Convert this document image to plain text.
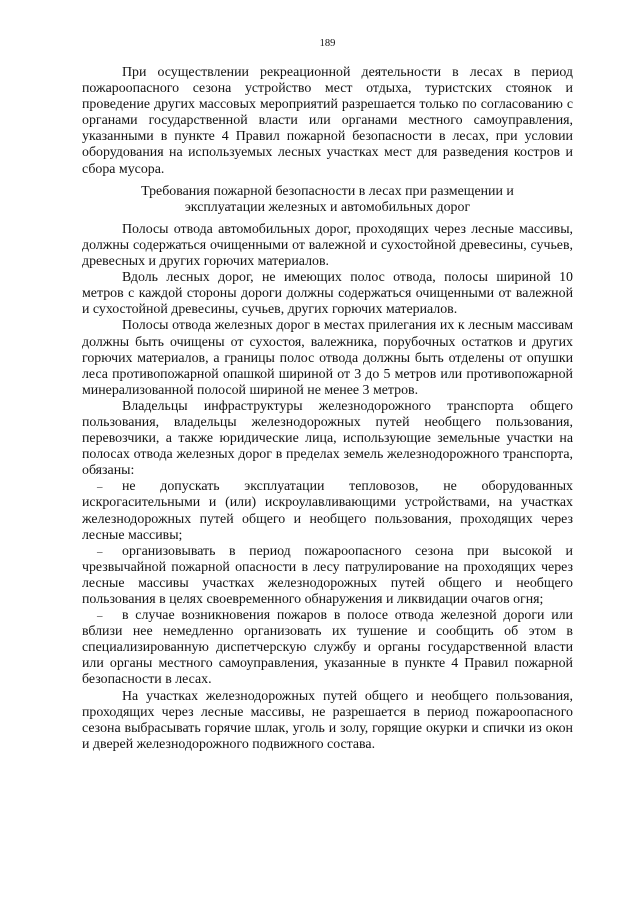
189

При осуществлении рекреационной деятельности в лесах в период пожароопасного сезона устройство мест отдыха, туристских стоянок и проведение других массовых мероприятий разрешается только по согласованию с органами государственной власти или органами местного самоуправления, указанными в пункте 4 Правил пожарной безопасности в лесах, при условии оборудования на используемых лесных участках мест для разведения костров и сбора мусора.

Требования пожарной безопасности в лесах при размещении и
эксплуатации железных и автомобильных дорог

Полосы отвода автомобильных дорог, проходящих через лесные массивы, должны содержаться очищенными от валежной и сухостойной древесины, сучьев, древесных и других горючих материалов.

Вдоль лесных дорог, не имеющих полос отвода, полосы шириной 10 метров с каждой стороны дороги должны содержаться очищенными от валежной и сухостойной древесины, сучьев, других горючих материалов.

Полосы отвода железных дорог в местах прилегания их к лесным массивам должны быть очищены от сухостоя, валежника, порубочных остатков и других горючих материалов, а границы полос отвода должны быть отделены от опушки леса противопожарной опашкой шириной от 3 до 5 метров или противопожарной минерализованной полосой шириной не менее 3 метров.

Владельцы инфраструктуры железнодорожного транспорта общего пользования, владельцы железнодорожных путей необщего пользования, перевозчики, а также юридические лица, использующие земельные участки на полосах отвода железных дорог в пределах земель железнодорожного транспорта, обязаны:

– не допускать эксплуатации тепловозов, не оборудованных искрогасительными и (или) искроулавливающими устройствами, на участках железнодорожных путей общего и необщего пользования, проходящих через лесные массивы;
– организовывать в период пожароопасного сезона при высокой и чрезвычайной пожарной опасности в лесу патрулирование на проходящих через лесные массивы участках железнодорожных путей общего и необщего пользования в целях своевременного обнаружения и ликвидации очагов огня;
– в случае возникновения пожаров в полосе отвода железной дороги или вблизи нее немедленно организовать их тушение и сообщить об этом в специализированную диспетчерскую службу и органы государственной власти или органы местного самоуправления, указанные в пункте 4 Правил пожарной безопасности в лесах.

На участках железнодорожных путей общего и необщего пользования, проходящих через лесные массивы, не разрешается в период пожароопасного сезона выбрасывать горячие шлак, уголь и золу, горящие окурки и спички из окон и дверей железнодорожного подвижного состава.
